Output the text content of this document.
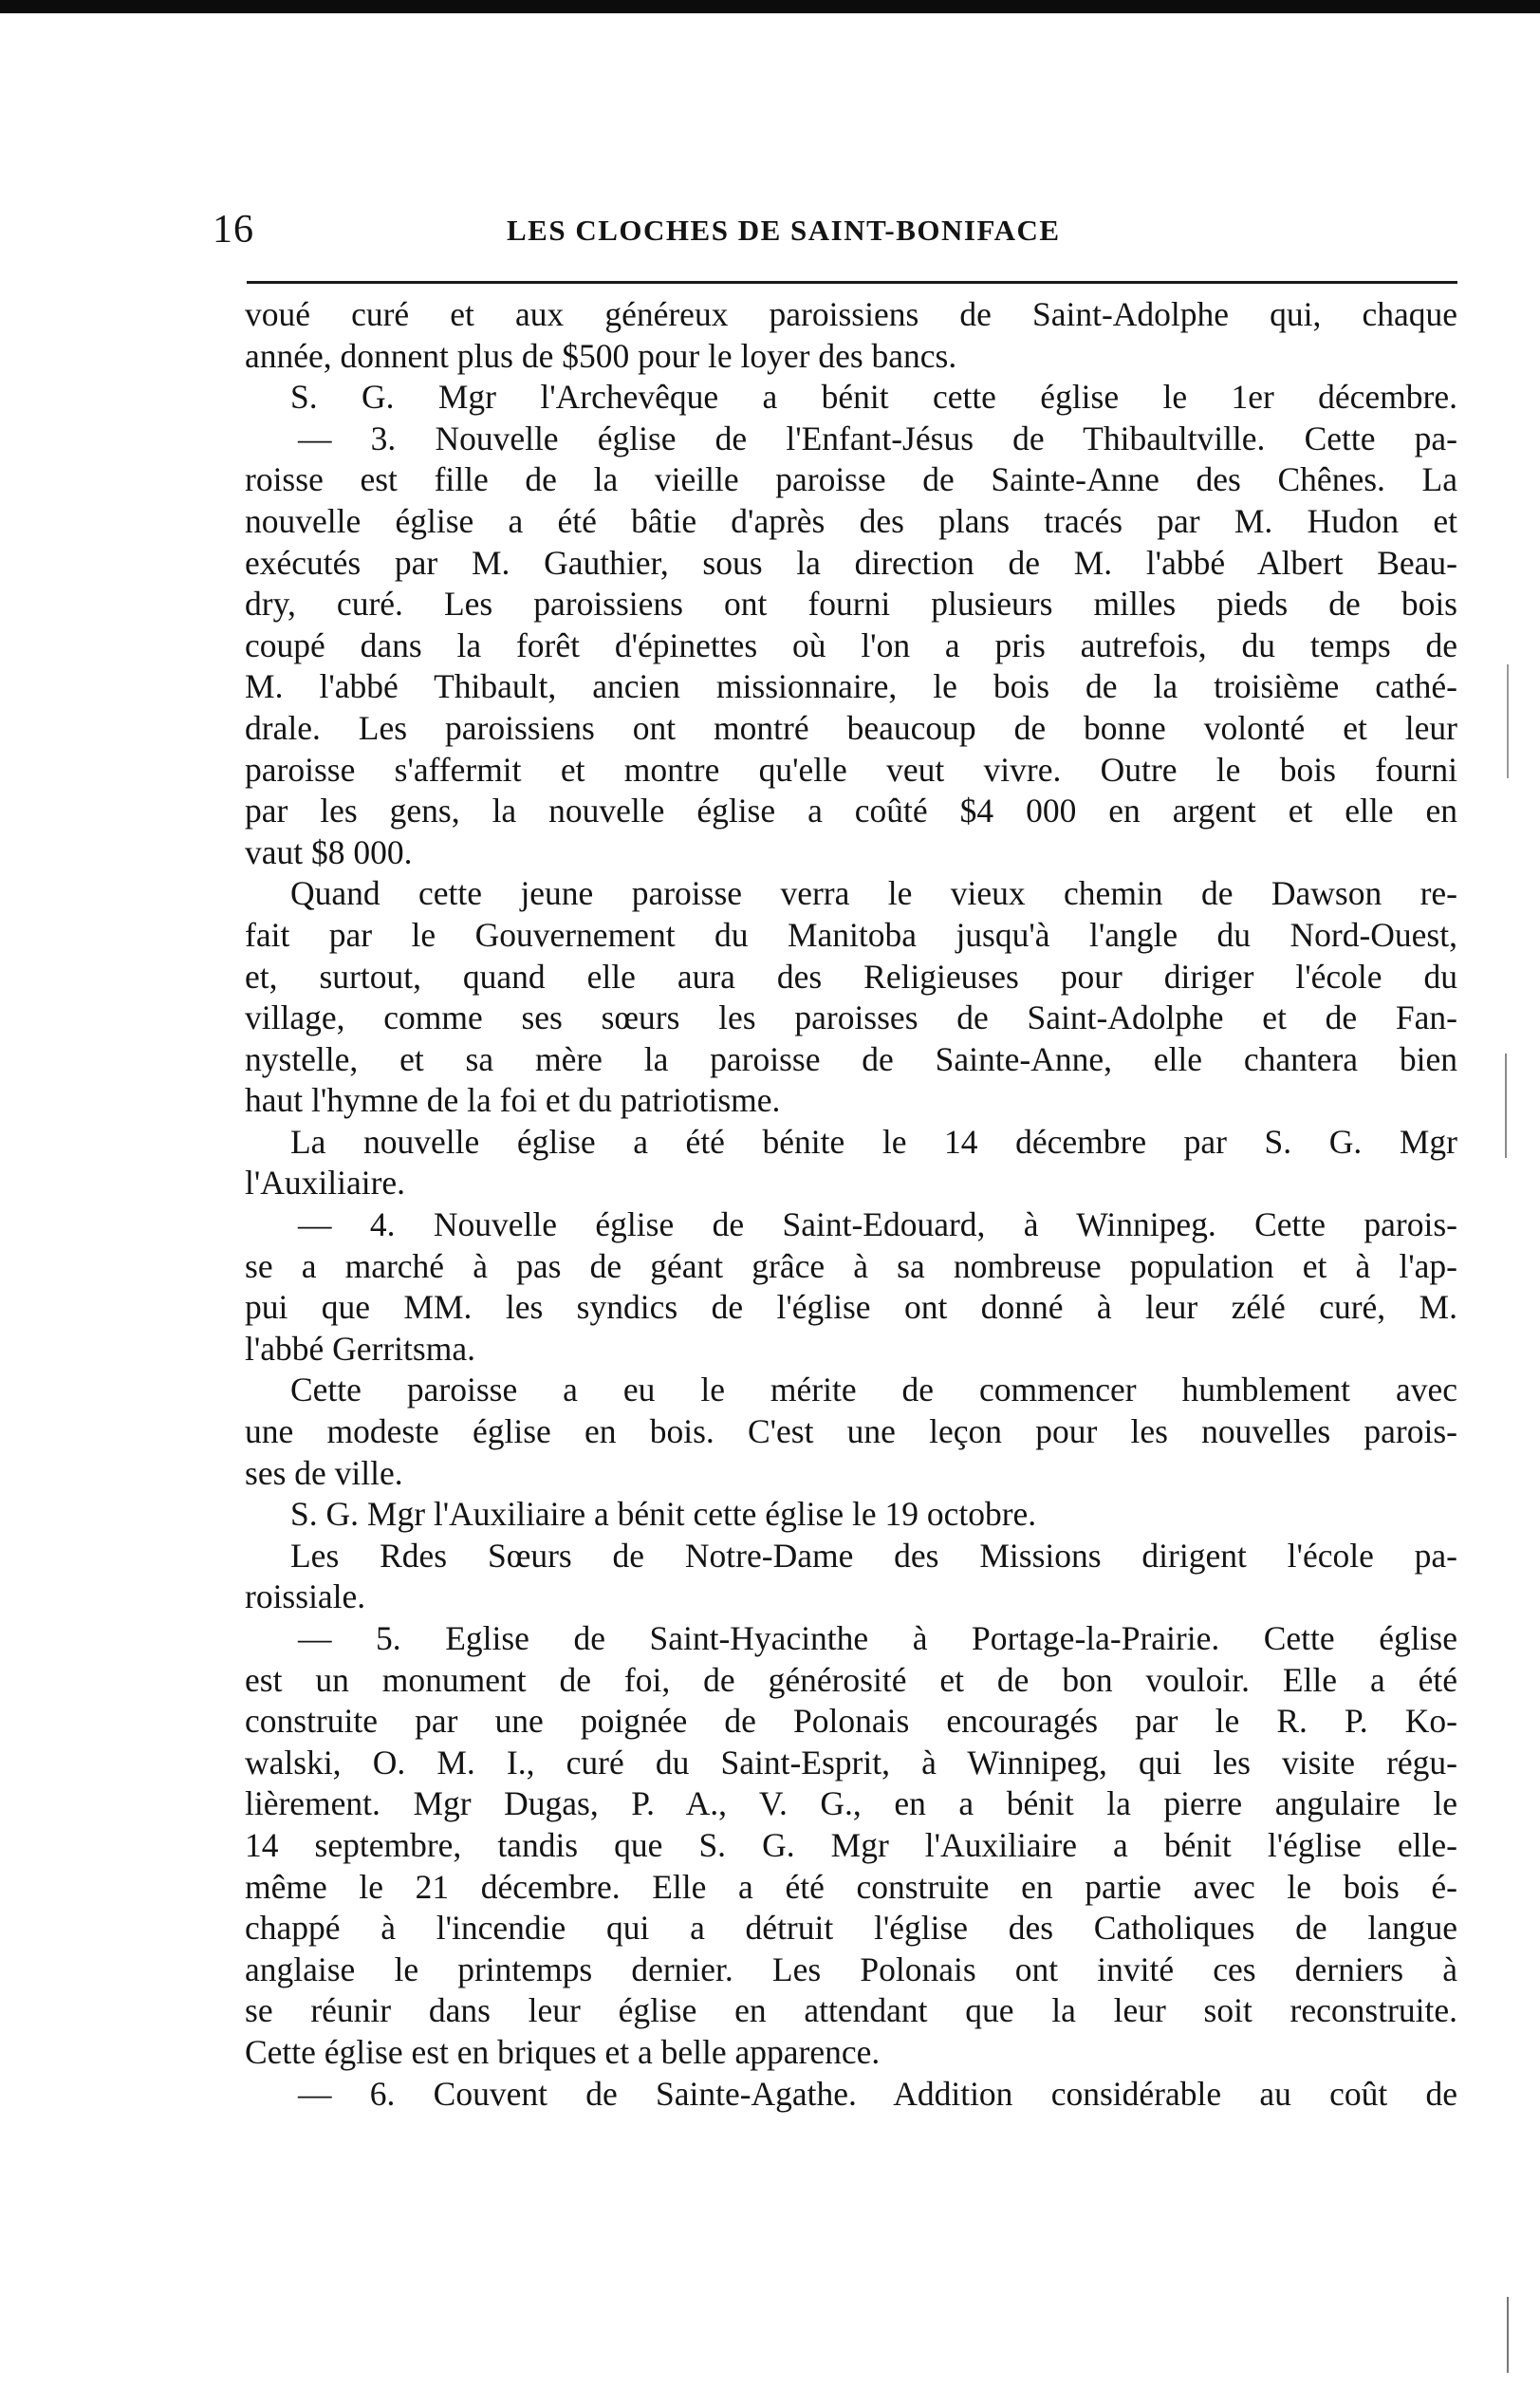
16	LES CLOCHES DE SAINT-BONIFACE
voué curé et aux généreux paroissiens de Saint-Adolphe qui, chaque
année, donnent plus de $500 pour le loyer des bancs.
S. G. Mgr l'Archevêque a bénit cette église le 1er décembre.
— 3. Nouvelle église de l'Enfant-Jésus de Thibaultville. Cette pa-
roisse est fille de la vieille paroisse de Sainte-Anne des Chênes. La
nouvelle église a été bâtie d'après des plans tracés par M. Hudon et
exécutés par M. Gauthier, sous la direction de M. l'abbé Albert Beau-
dry, curé. Les paroissiens ont fourni plusieurs milles pieds de bois
coupé dans la forêt d'épinettes où l'on a pris autrefois, du temps de
M. l'abbé Thibault, ancien missionnaire, le bois de la troisième cathé-
drale. Les paroissiens ont montré beaucoup de bonne volonté et leur
paroisse s'affermit et montre qu'elle veut vivre. Outre le bois fourni
par les gens, la nouvelle église a coûté $4 000 en argent et elle en
vaut $8 000.
Quand cette jeune paroisse verra le vieux chemin de Dawson re-
fait par le Gouvernement du Manitoba jusqu'à l'angle du Nord-Ouest,
et, surtout, quand elle aura des Religieuses pour diriger l'école du
village, comme ses sœurs les paroisses de Saint-Adolphe et de Fan-
nystelle, et sa mère la paroisse de Sainte-Anne, elle chantera bien
haut l'hymne de la foi et du patriotisme.
La nouvelle église a été bénite le 14 décembre par S. G. Mgr
l'Auxiliaire.
— 4. Nouvelle église de Saint-Edouard, à Winnipeg. Cette parois-
se a marché à pas de géant grâce à sa nombreuse population et à l'ap-
pui que MM. les syndics de l'église ont donné à leur zélé curé, M.
l'abbé Gerritsma.
Cette paroisse a eu le mérite de commencer humblement avec
une modeste église en bois. C'est une leçon pour les nouvelles parois-
ses de ville.
S. G. Mgr l'Auxiliaire a bénit cette église le 19 octobre.
Les Rdes Sœurs de Notre-Dame des Missions dirigent l'école pa-
roissiale.
— 5. Eglise de Saint-Hyacinthe à Portage-la-Prairie. Cette église
est un monument de foi, de générosité et de bon vouloir. Elle a été
construite par une poignée de Polonais encouragés par le R. P. Ko-
walski, O. M. I., curé du Saint-Esprit, à Winnipeg, qui les visite régu-
lièrement. Mgr Dugas, P. A., V. G., en a bénit la pierre angulaire le
14 septembre, tandis que S. G. Mgr l'Auxiliaire a bénit l'église elle-
même le 21 décembre. Elle a été construite en partie avec le bois é-
chappé à l'incendie qui a détruit l'église des Catholiques de langue
anglaise le printemps dernier. Les Polonais ont invité ces derniers à
se réunir dans leur église en attendant que la leur soit reconstruite.
Cette église est en briques et a belle apparence.
— 6. Couvent de Sainte-Agathe. Addition considérable au coût de
